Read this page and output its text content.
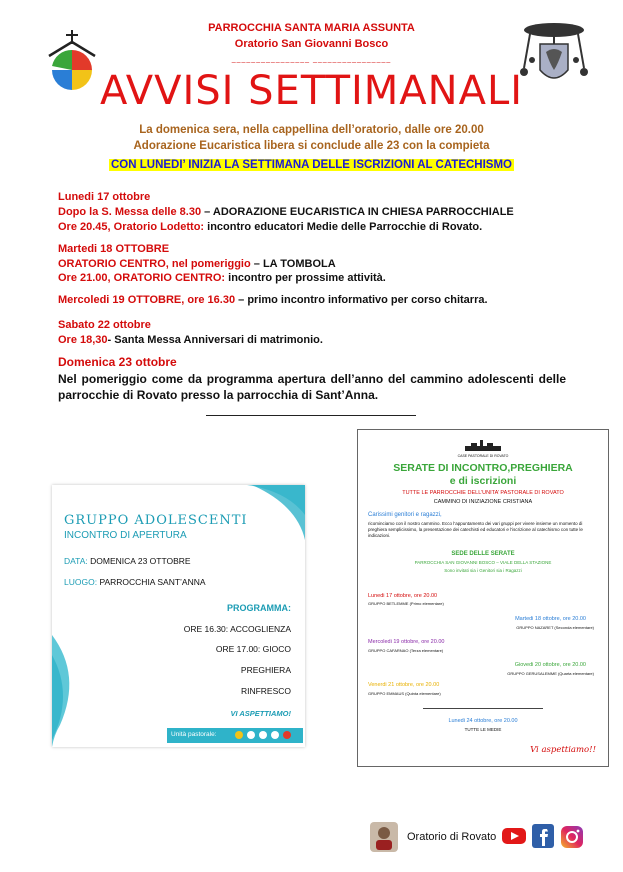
PARROCCHIA SANTA MARIA ASSUNTA
Oratorio San Giovanni Bosco
________________ ________________
AVVISI SETTIMANALI
La domenica sera, nella cappellina dell’oratorio, dalle ore 20.00
Adorazione Eucaristica libera si conclude alle 23 con la compieta
CON LUNEDI’ INIZIA LA SETTIMANA DELLE ISCRIZIONI AL CATECHISMO
Lunedi 17 ottobre
Dopo la S. Messa delle 8.30 – ADORAZIONE EUCARISTICA IN CHIESA PARROCCHIALE
Ore 20.45, Oratorio Lodetto: incontro educatori Medie delle Parrocchie di Rovato.
Martedi 18 OTTOBRE
ORATORIO CENTRO, nel pomeriggio – LA TOMBOLA
Ore 21.00, ORATORIO CENTRO: incontro per prossime attività.
Mercoledi 19 OTTOBRE, ore 16.30 – primo incontro informativo per corso chitarra.
Sabato 22 ottobre
Ore 18,30- Santa Messa Anniversari di matrimonio.
Domenica 23 ottobre
Nel pomeriggio come da programma apertura dell’anno del cammino adolescenti delle parrocchie di Rovato presso la parrocchia di Sant’Anna.
GRUPPO ADOLESCENTI
INCONTRO DI APERTURA
DATA: DOMENICA 23 OTTOBRE
LUOGO: PARROCCHIA SANT’ANNA
PROGRAMMA:
ORE 16.30: ACCOGLIENZA
ORE 17.00: GIOCO
PREGHIERA
RINFRESCO
VI ASPETTIAMO!
Unità pastorale:
CASE PASTORALE DI ROVATO
SERATE DI INCONTRO,PREGHIERA
e di iscrizioni
TUTTE LE PARROCCHIE DELL’UNITA’ PASTORALE DI ROVATO
CAMMINO DI INIZIAZIONE CRISTIANA
Carissimi genitori e ragazzi,
ricominciamo con il nostro cammino. Ecco l’appuntamento dei vari gruppi per vivere insieme un momento di preghiera semplicissimo, la presentazione dei catechisti ed educatori e l’iscrizione al catechismo con tutte le indicazioni.
SEDE DELLE SERATE
PARROCCHIA SAN GIOVANNI BOSCO – VIALE DELLA STAZIONE
Sono invitati sia i Genitori sia i Ragazzi
Lunedi 17 ottobre, ore 20.00
GRUPPO BETLEMME (Primo elementare)
Martedi 18 ottobre, ore 20.00
GRUPPO NAZARET (Seconda elementare)
Mercoledi 19 ottobre, ore 20.00
GRUPPO CAFARNAO (Terza elementare)
Giovedi 20 ottobre, ore 20.00
GRUPPO GERUSALEMME (Quarta elementare)
Venerdi 21 ottobre, ore 20.00
GRUPPO EMMAUS (Quinta elementare)
Lunedi 24 ottobre, ore 20.00
TUTTE LE MEDIE
Vi aspettiamo!!
Oratorio di Rovato
